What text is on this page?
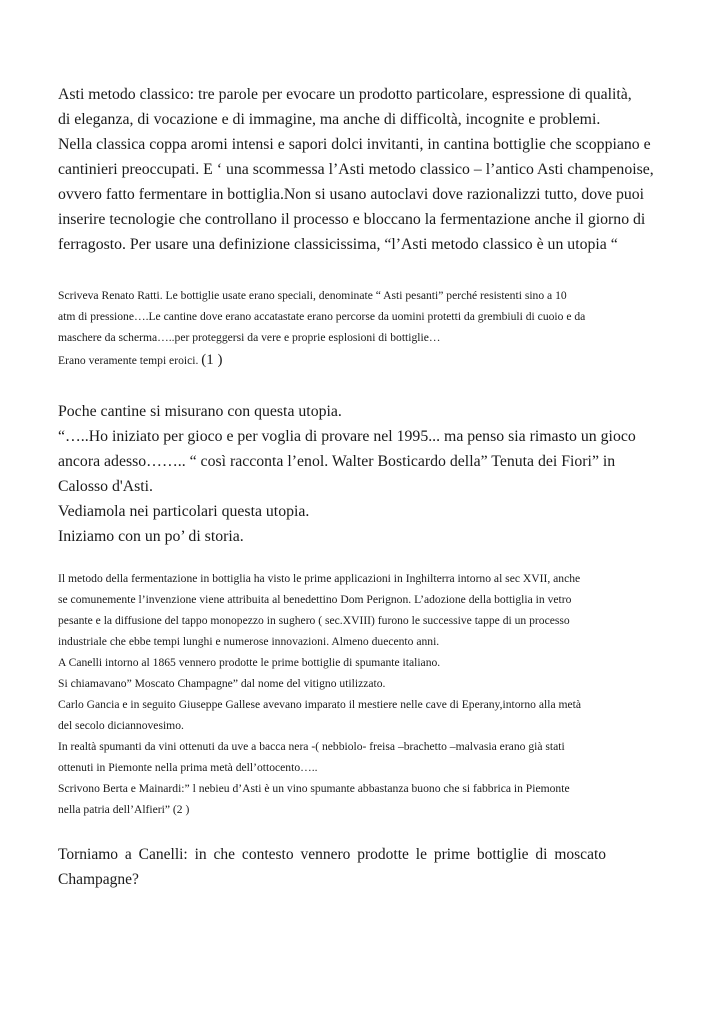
Asti metodo classico: tre parole per evocare un prodotto particolare, espressione di qualità,

di eleganza, di vocazione e di immagine, ma anche di difficoltà, incognite e problemi.

Nella classica coppa aromi intensi e sapori dolci invitanti, in cantina bottiglie che scoppiano e

cantinieri preoccupati. E ‘ una scommessa l’Asti metodo classico – l’antico Asti champenoise,

ovvero fatto fermentare in bottiglia.Non si usano autoclavi dove razionalizzi tutto, dove puoi

inserire tecnologie che controllano il processo e bloccano la fermentazione anche il giorno di

ferragosto. Per usare una definizione classicissima, “l’Asti metodo classico è un utopia “

Scriveva Renato Ratti. Le bottiglie usate erano speciali, denominate “ Asti pesanti” perché resistenti sino a 10

atm di pressione….Le cantine dove erano accatastate erano percorse da uomini protetti da grembiuli di cuoio e da

maschere da scherma…..per proteggersi da vere e proprie esplosioni di bottiglie…

Erano veramente tempi eroici. (1 )

Poche cantine si misurano con questa utopia.

“…..Ho iniziato per gioco e per voglia di provare nel 1995... ma penso sia rimasto un gioco

ancora adesso…….. “ così racconta l’enol. Walter Bosticardo della” Tenuta dei Fiori” in

Calosso d'Asti.

Vediamola nei particolari questa utopia.

Iniziamo con un po’ di storia.

Il metodo della fermentazione in bottiglia ha visto le prime applicazioni in Inghilterra intorno al sec XVII, anche

se comunemente l’invenzione viene attribuita al benedettino Dom Perignon. L’adozione della bottiglia in vetro

pesante e la diffusione del tappo monopezzo in sughero ( sec.XVIII) furono le successive tappe di un processo

industriale che ebbe tempi lunghi e numerose innovazioni. Almeno duecento anni.

A Canelli intorno al 1865 vennero prodotte le prime bottiglie di spumante italiano.

Si chiamavano” Moscato Champagne” dal nome del vitigno utilizzato.

Carlo Gancia e in seguito Giuseppe Gallese avevano imparato il mestiere nelle cave di Eperany,intorno alla metà

del secolo diciannovesimo.

In realtà spumanti da vini ottenuti da uve a bacca nera -( nebbiolo- freisa –brachetto –malvasia erano già stati

ottenuti in Piemonte nella prima metà dell’ottocento…..

Scrivono Berta e Mainardi:” l nebieu d’Asti è un vino spumante abbastanza buono che si fabbrica in Piemonte

nella patria dell’Alfieri” (2 )

Torniamo a Canelli: in che contesto vennero prodotte le prime bottiglie di moscato

Champagne?
